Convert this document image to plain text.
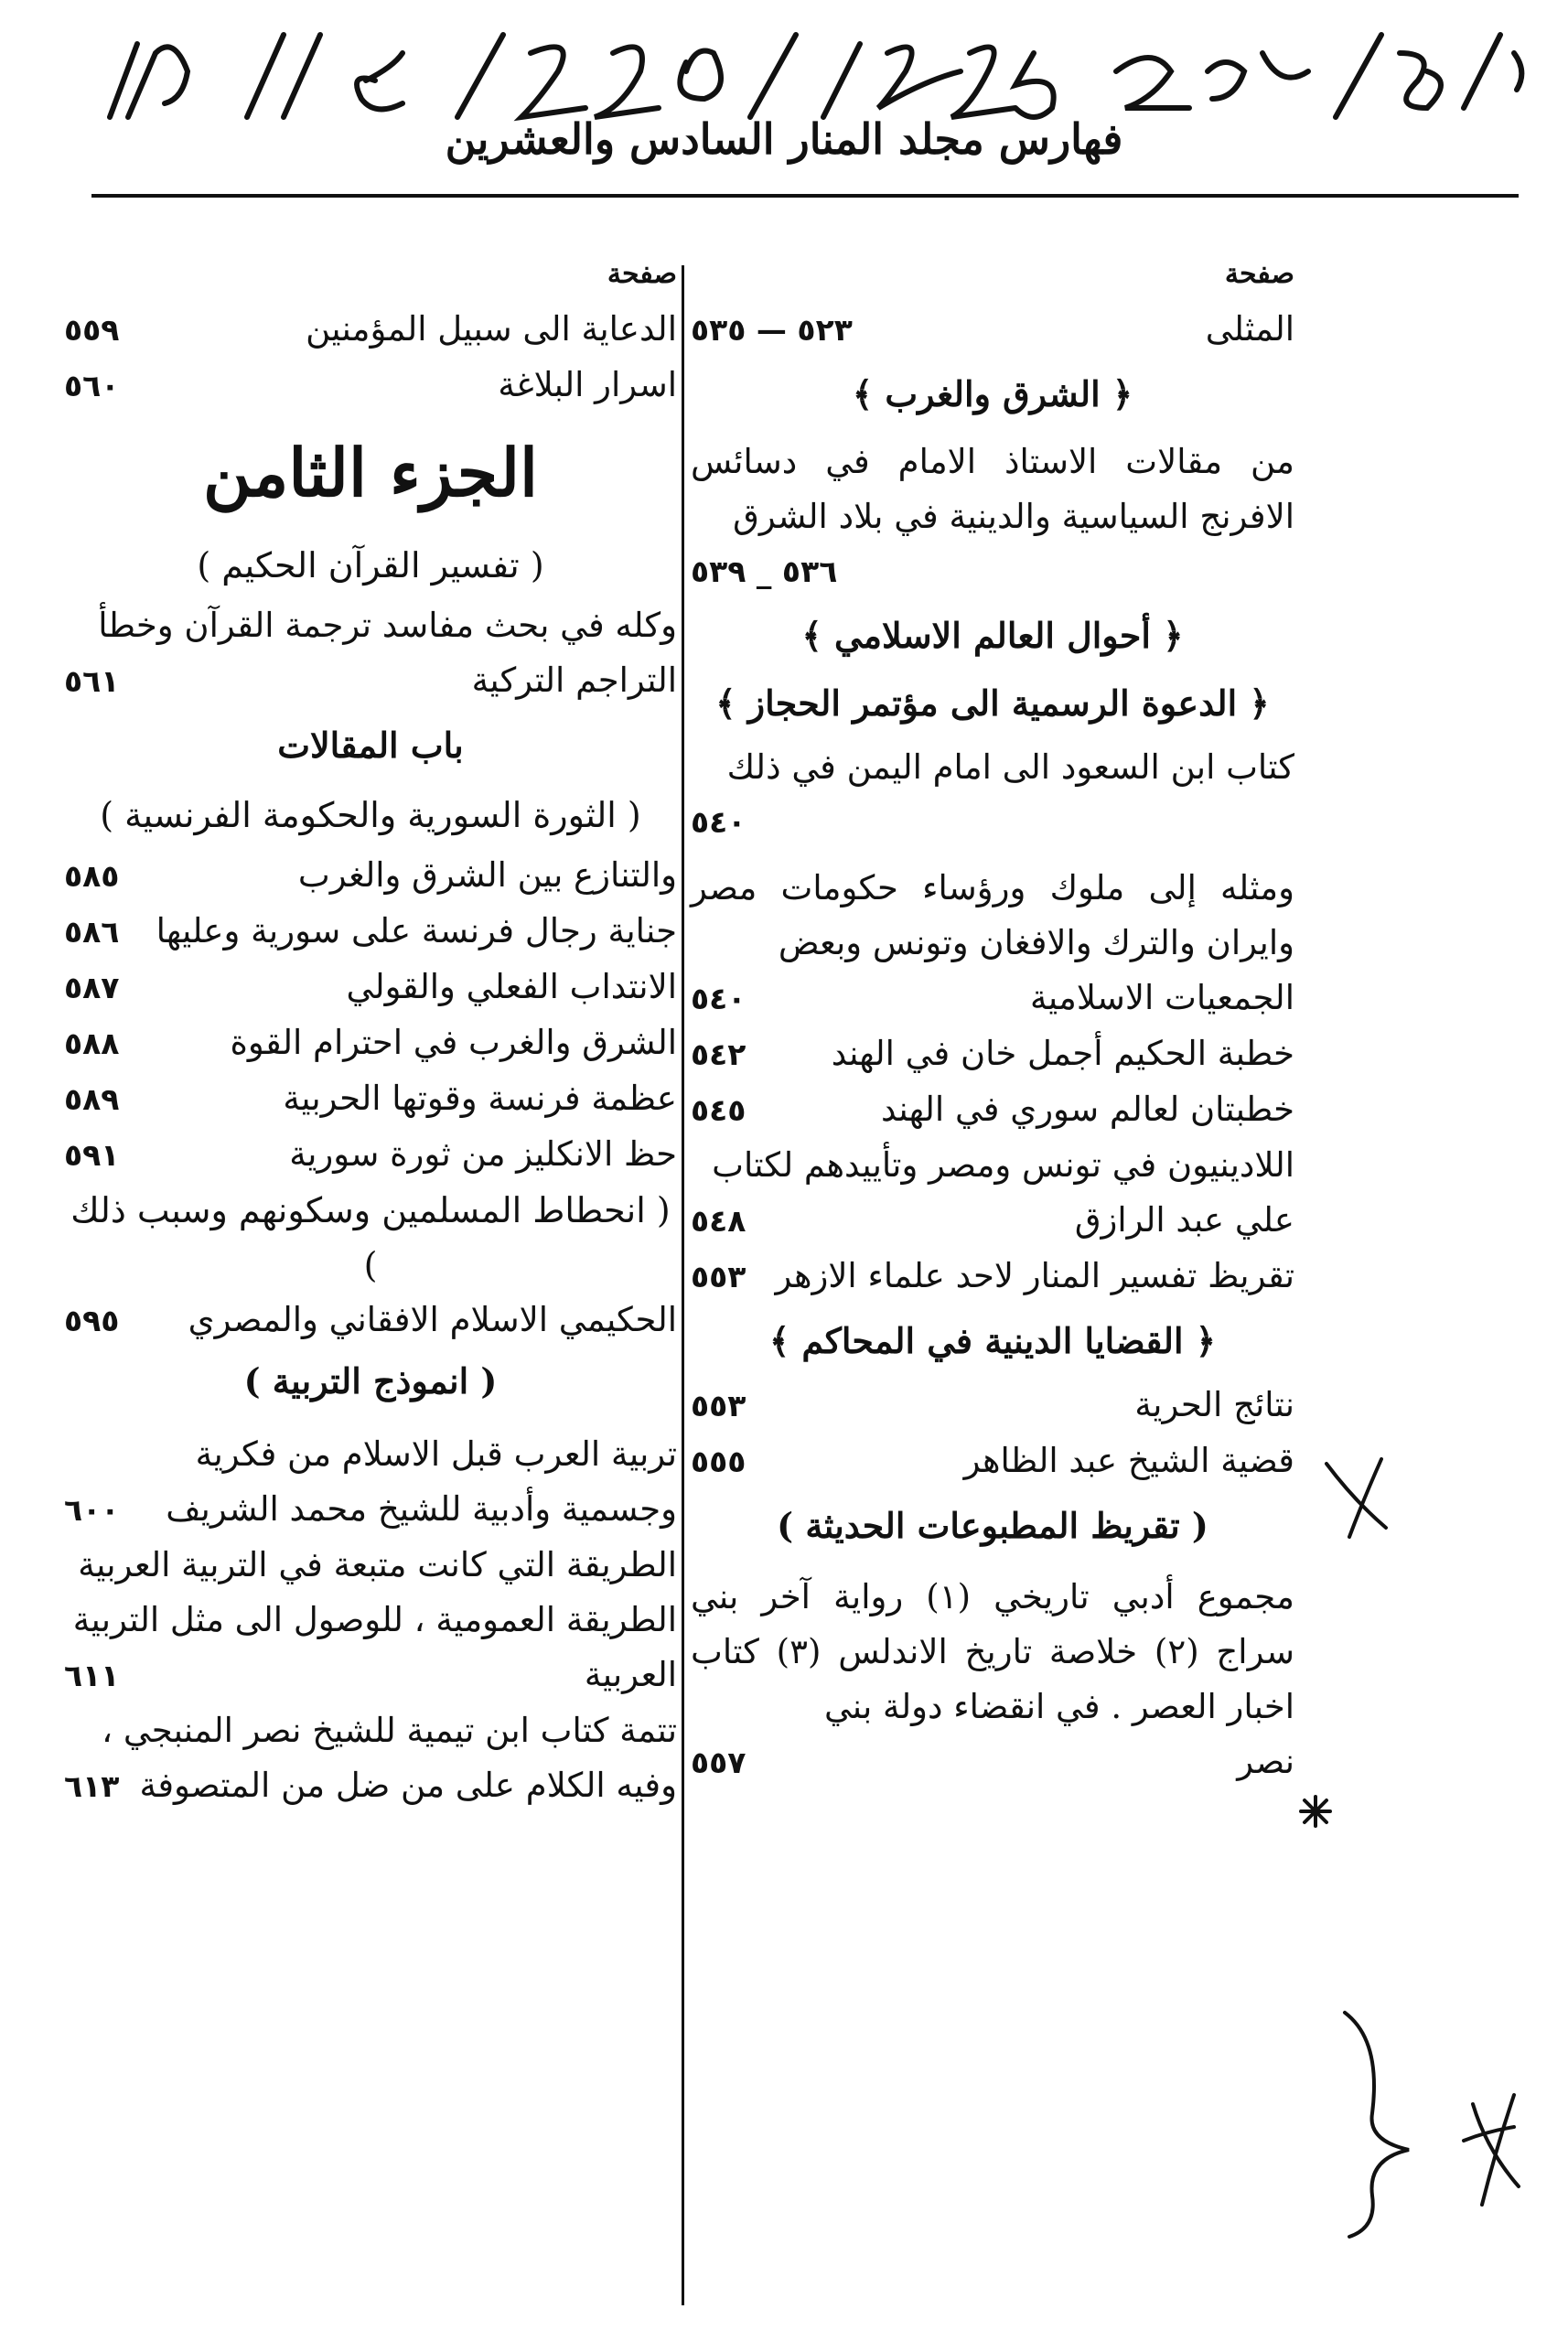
فهارس مجلد المنار السادس والعشرين
صفحة
المثلى
٥٢٣ — ٥٣٥
﴿ الشرق والغرب ﴾
من مقالات الاستاذ الامام في دسائس الافرنج السياسية والدينية في بلاد الشرق
٥٣٦ _ ٥٣٩
﴿ أحوال العالم الاسلامي ﴾
﴿ الدعوة الرسمية الى مؤتمر الحجاز ﴾
كتاب ابن السعود الى امام اليمن في ذلك
٥٤٠
ومثله إلى ملوك ورؤساء حكومات مصر وايران والترك والافغان وتونس وبعض
الجمعيات الاسلامية
٥٤٠
خطبة الحكيم أجمل خان في الهند
٥٤٢
خطبتان لعالم سوري في الهند
٥٤٥
اللادينيون في تونس ومصر وتأييدهم لكتاب
علي عبد الرازق
٥٤٨
تقريظ تفسير المنار لاحد علماء الازهر
٥٥٣
﴿ القضايا الدينية في المحاكم ﴾
نتائج الحرية
٥٥٣
قضية الشيخ عبد الظاهر
٥٥٥
( تقريظ المطبوعات الحديثة )
مجموع أدبي تاريخي (١) رواية آخر بني سراج (٢) خلاصة تاريخ الاندلس (٣) كتاب اخبار العصر . في انقضاء دولة بني
نصر
٥٥٧
صفحة
الدعاية الى سبيل المؤمنين
٥٥٩
اسرار البلاغة
٥٦٠
الجزء الثامن
( تفسير القرآن الحكيم )
وكله في بحث مفاسد ترجمة القرآن وخطأ
التراجم التركية
٥٦١
باب المقالات
( الثورة السورية والحكومة الفرنسية )
والتنازع بين الشرق والغرب
٥٨٥
جناية رجال فرنسة على سورية وعليها
٥٨٦
الانتداب الفعلي والقولي
٥٨٧
الشرق والغرب في احترام القوة
٥٨٨
عظمة فرنسة وقوتها الحربية
٥٨٩
حظ الانكليز من ثورة سورية
٥٩١
( انحطاط المسلمين وسكونهم وسبب ذلك )
الحكيمي الاسلام الافقاني والمصري
٥٩٥
( انموذج التربية )
تربية العرب قبل الاسلام من فكرية
وجسمية وأدبية للشيخ محمد الشريف
٦٠٠
الطريقة التي كانت متبعة في التربية العربية
الطريقة العمومية ، للوصول الى مثل التربية
العربية
٦١١
تتمة كتاب ابن تيمية للشيخ نصر المنبجي ،
وفيه الكلام على من ضل من المتصوفة
٦١٣
